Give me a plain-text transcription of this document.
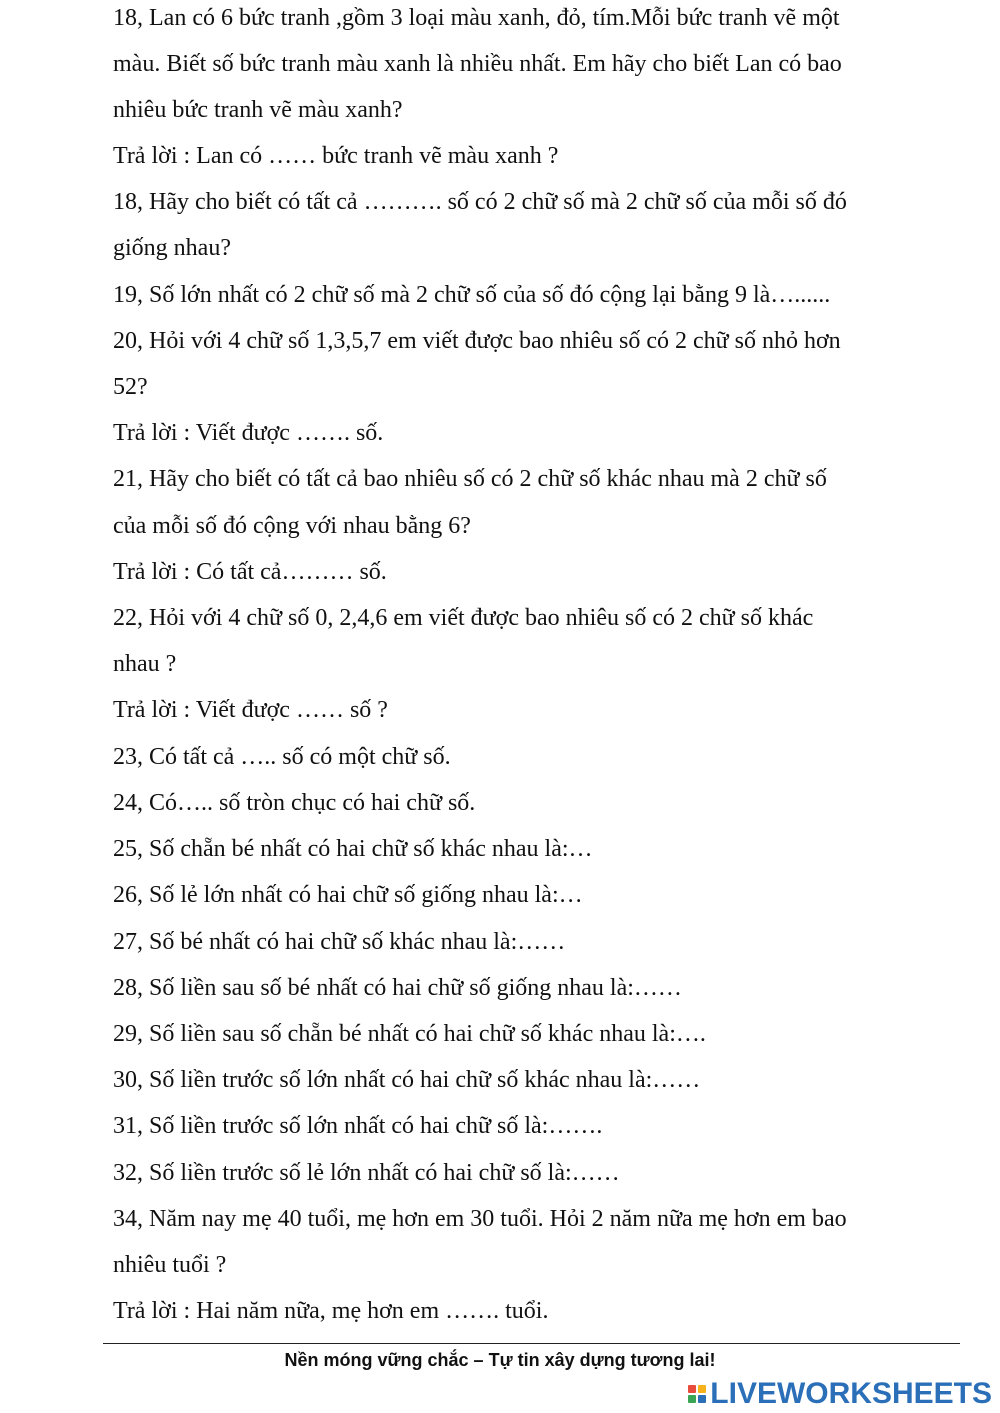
18, Lan có 6 bức tranh ,gồm 3 loại màu xanh, đỏ, tím.Mỗi bức tranh vẽ một
màu. Biết số bức tranh màu xanh là nhiều nhất. Em hãy cho biết Lan có bao
nhiêu bức tranh vẽ màu xanh?
Trả lời : Lan có …… bức tranh vẽ màu xanh ?
18, Hãy cho biết có tất cả ………. số có 2 chữ số mà 2 chữ số của mỗi số đó
giống nhau?
19, Số lớn nhất có 2 chữ số mà 2 chữ số của số đó cộng lại bằng 9 là…......
20, Hỏi với 4 chữ số 1,3,5,7 em viết được bao nhiêu số có 2 chữ số nhỏ hơn
52?
Trả lời : Viết được ……. số.
21, Hãy cho biết có tất cả bao nhiêu số có 2 chữ số khác nhau mà 2 chữ số
của mỗi số đó cộng với nhau bằng 6?
Trả lời : Có tất cả……… số.
22, Hỏi với 4 chữ số 0, 2,4,6 em viết được bao nhiêu số có 2 chữ số khác
nhau ?
Trả lời : Viết được …… số ?
23, Có tất cả ….. số có một chữ số.
24, Có….. số tròn chục có hai chữ số.
25, Số chẵn bé nhất có hai chữ số khác nhau là:…
26, Số lẻ lớn nhất có hai chữ số giống nhau là:…
27, Số bé nhất có hai chữ số khác nhau là:……
28, Số liền sau số bé nhất có hai chữ số giống nhau là:……
29, Số liền sau số chẵn bé nhất có hai chữ số khác nhau là:….
30, Số liền trước số lớn nhất có hai chữ số khác nhau là:……
31, Số liền trước số lớn nhất có hai chữ số là:…….
32, Số liền trước số lẻ lớn nhất có hai chữ số là:……
34, Năm nay mẹ 40 tuổi, mẹ hơn em 30 tuổi. Hỏi 2 năm nữa mẹ hơn em bao
nhiêu tuổi ?
Trả lời : Hai năm nữa, mẹ hơn em ……. tuổi.
Nền móng vững chắc – Tự tin xây dựng tương lai!
LIVEWORKSHEETS
